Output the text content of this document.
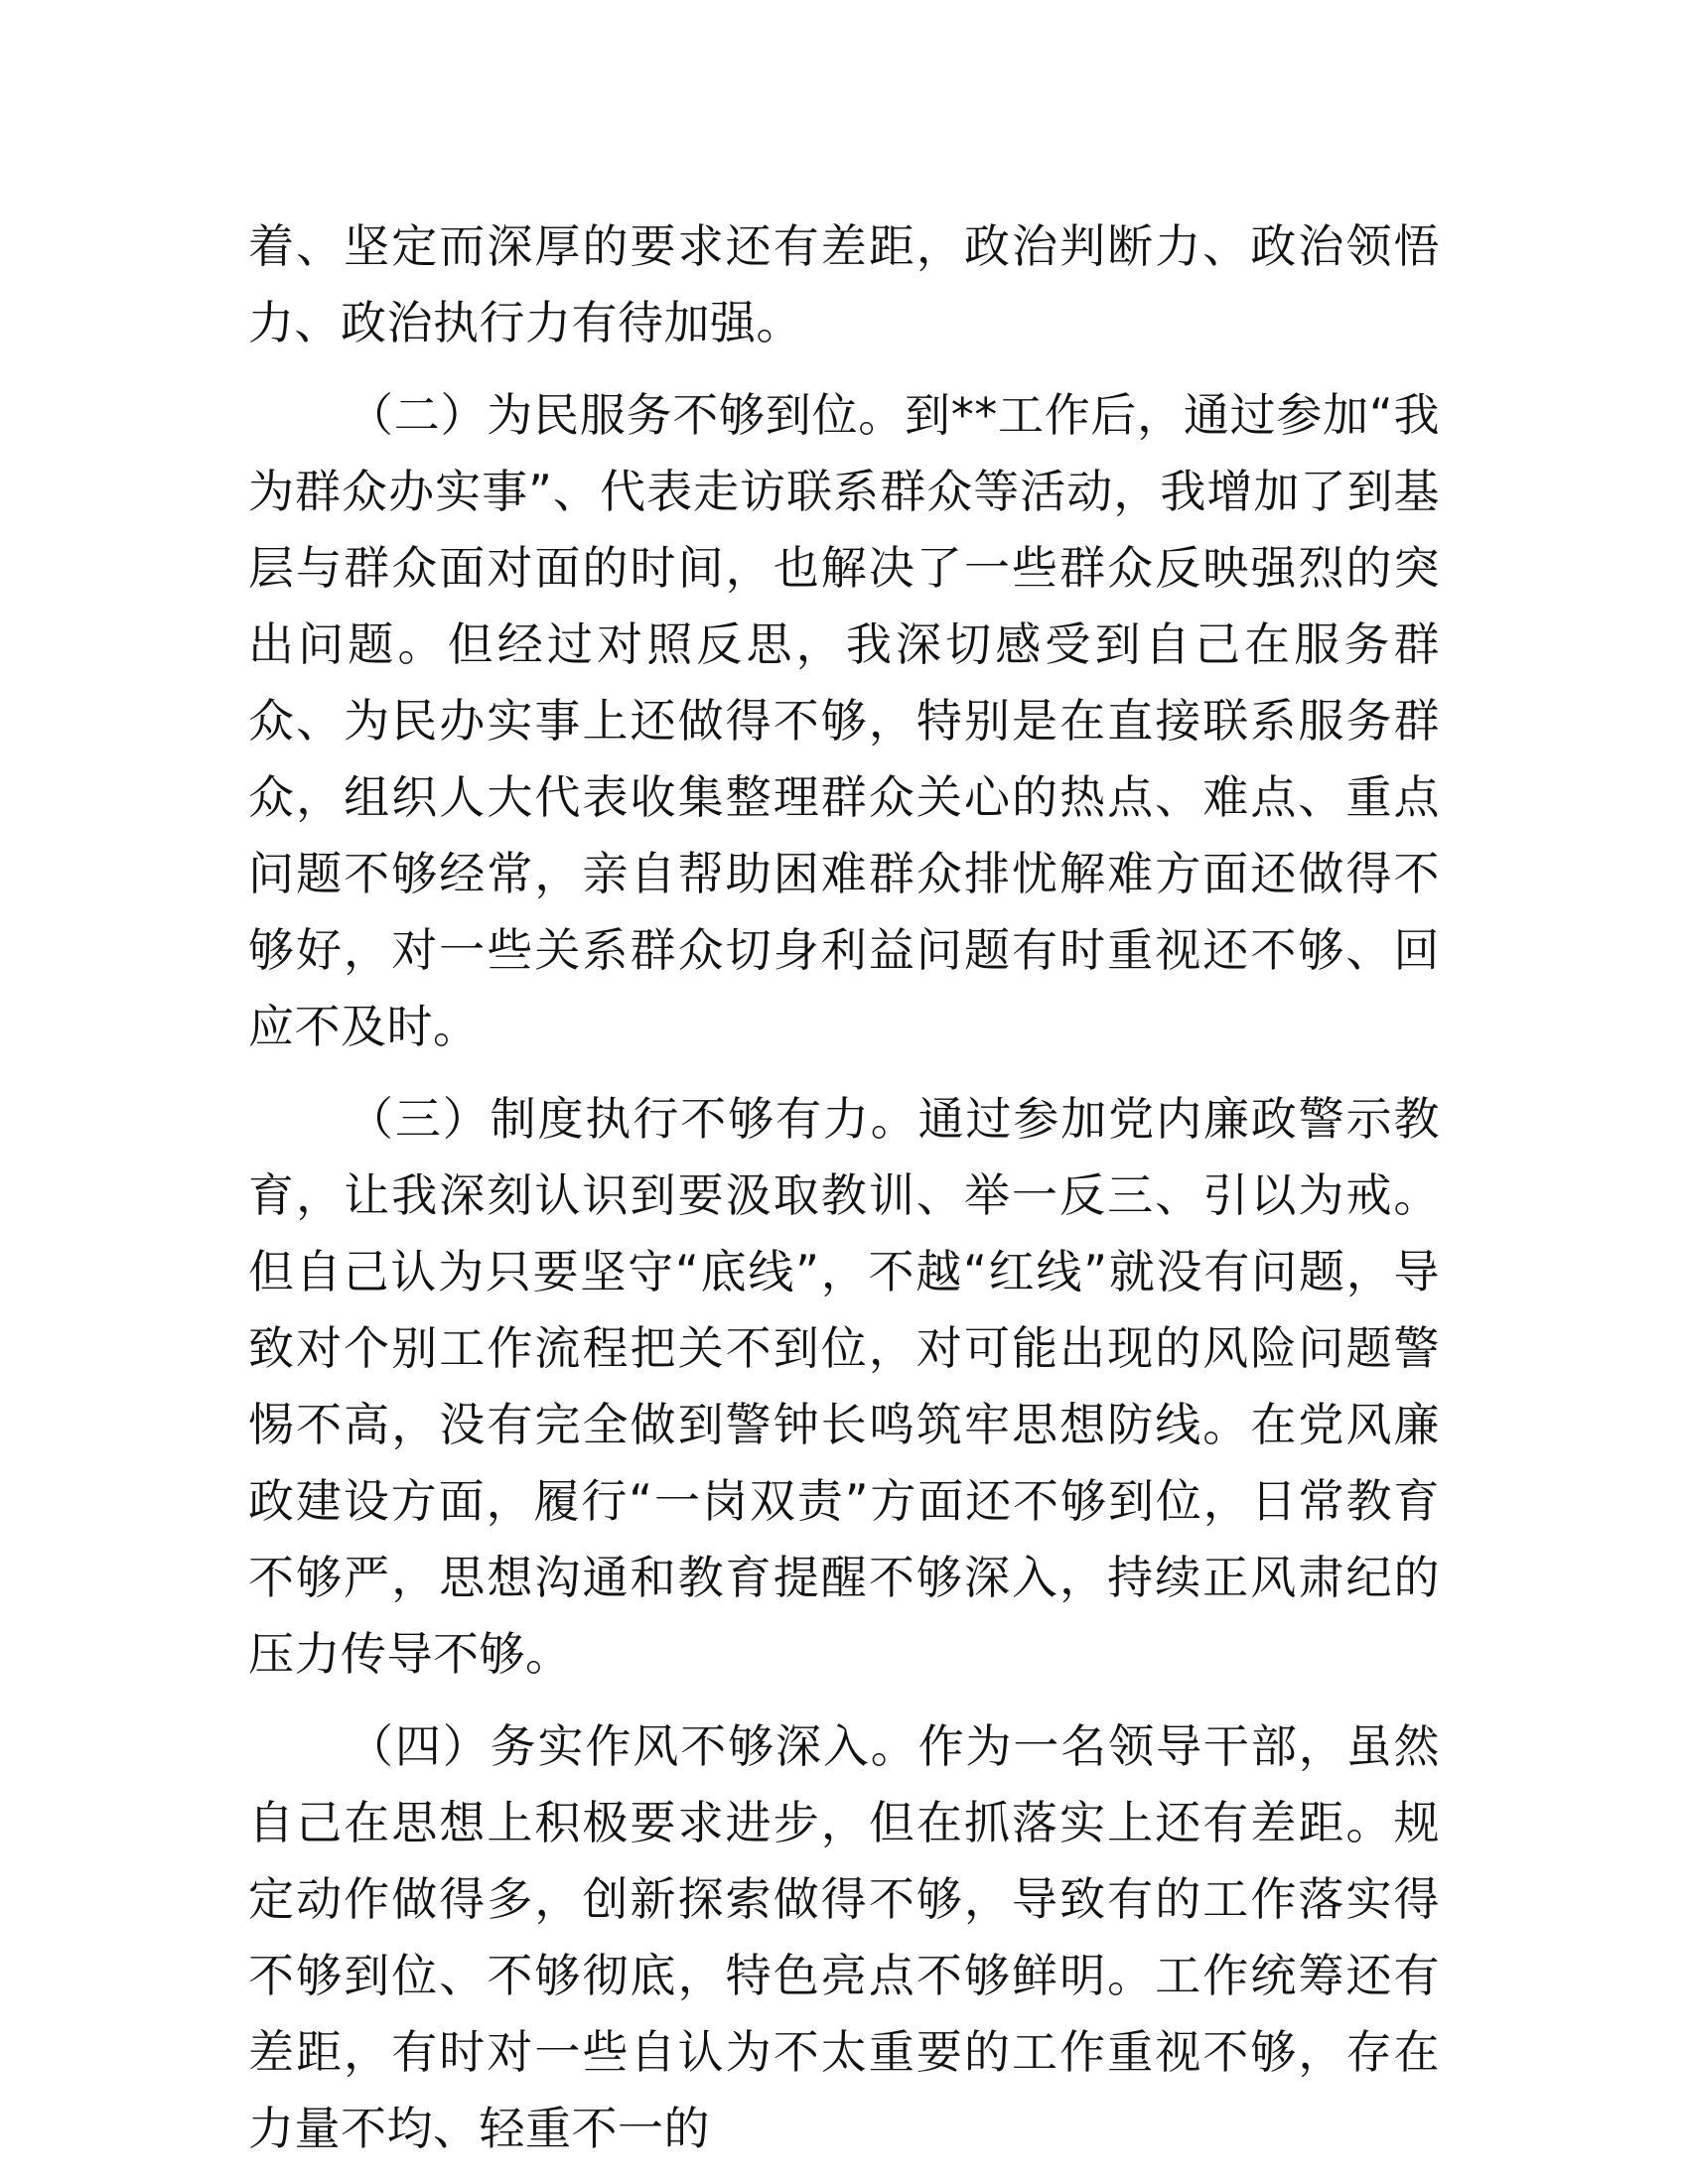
着、坚定而深厚的要求还有差距，政治判断力、政治领悟力、政治执行力有待加强。

（二）为民服务不够到位。到**工作后，通过参加“我为群众办实事”、代表走访联系群众等活动，我增加了到基层与群众面对面的时间，也解决了一些群众反映强烈的突出问题。但经过对照反思，我深切感受到自己在服务群众、为民办实事上还做得不够，特别是在直接联系服务群众，组织人大代表收集整理群众关心的热点、难点、重点问题不够经常，亲自帮助困难群众排忧解难方面还做得不够好，对一些关系群众切身利益问题有时重视还不够、回应不及时。

（三）制度执行不够有力。通过参加党内廉政警示教育，让我深刻认识到要汲取教训、举一反三、引以为戒。但自己认为只要坚守“底线”，不越“红线”就没有问题，导致对个别工作流程把关不到位，对可能出现的风险问题警惕不高，没有完全做到警钟长鸣筑牢思想防线。在党风廉政建设方面，履行“一岗双责”方面还不够到位，日常教育不够严，思想沟通和教育提醒不够深入，持续正风肃纪的压力传导不够。

（四）务实作风不够深入。作为一名领导干部，虽然自己在思想上积极要求进步，但在抓落实上还有差距。规定动作做得多，创新探索做得不够，导致有的工作落实得不够到位、不够彻底，特色亮点不够鲜明。工作统筹还有差距，有时对一些自认为不太重要的工作重视不够，存在力量不均、轻重不一的
